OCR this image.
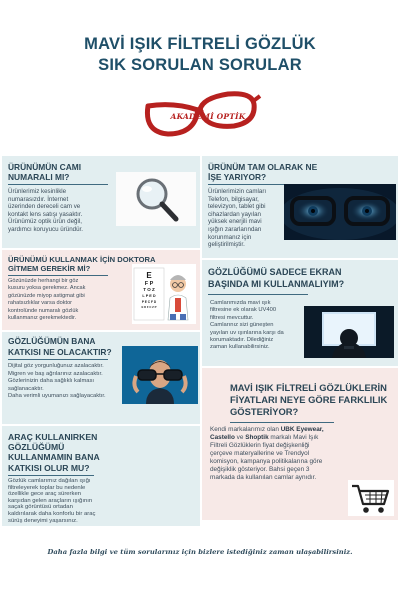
MAVİ IŞIK FİLTRELİ GÖZLÜK
SIK SORULAN SORULAR
AKADEMİ OPTİK
ÜRÜNÜMÜN CAMI
NUMARALI MI?
Ürünlerimiz kesinlikle
numarasızdır. İnternet
üzerinden dereceli cam ve
kontakt lens satışı yasaktır.
Ürünümüz optik ürün değil,
yardımcı koruyucu üründür.
ÜRÜNÜM TAM OLARAK NE
İŞE YARIYOR?
Ürünlerimizin camları
Telefon, bilgisayar,
televizyon, tablet gibi
cihazlardan yayılan
yüksek enerjili mavi
ışığın zararlarından
korunmanız için
geliştirilmiştir.
ÜRÜNÜMÜ KULLANMAK İÇİN DOKTORA
GİTMEM GEREKİR Mİ?
Gözünüzde herhangi bir göz
kusuru yoksa gerekmez. Ancak
gözünüzde miyop astigmat gibi
rahatsızlıklar varsa doktor
kontrolünde numaralı gözlük
kullanmanız gerekmektedir.
E
F P
T O Z
L P E D
P E C F D
E D F C Z P
GÖZLÜĞÜMÜ SADECE EKRAN
BAŞINDA MI KULLANMALIYIM?
Camlarımızda mavi ışık
filtresine ek olarak UV400
filtresi mevcuttur.
Camlarınız sizi güneşten
yayılan uv ışınlarına karşı da
korumaktadır. Dilediğiniz
zaman kullanabilirsiniz.
GÖZLÜĞÜMÜN BANA
KATKISI NE OLACAKTIR?
Dijital göz yorgunluğunuz azalacaktır.
Migren ve baş ağrılarınız azalacaktır.
Gözlerinizin daha sağlıklı kalması
sağlanacaktır.
Daha verimli uyumanızı sağlayacaktır.
MAVİ IŞIK FİLTRELİ GÖZLÜKLERİN
FİYATLARI NEYE GÖRE FARKLILIK
GÖSTERİYOR?
Kendi markalarımız olan UBK Eyewear,
Castello ve Shoptik markalı Mavi Işık
Filtreli Gözlüklerin fiyat değişkenliği
çerçeve materyallerine ve Trendyol
komisyon, kampanya politikalarına göre
değişiklik gösteriyor. Bahsi geçen 3
markada da kullanılan camlar aynıdır.
ARAÇ KULLANIRKEN
GÖZLÜĞÜMÜ
KULLANMAMIN BANA
KATKISI OLUR MU?
Gözlük camlarımız dağılan ışığı
filtreleyerek toplar bu nedenle
özellikle gece araç sürerken
karşıdan gelen araçların ışığının
saçak görüntüsü ortadan
kaldırılarak daha konforlu bir araç
sürüş deneyimi yaşarsınız.
Daha fazla bilgi ve tüm sorularınız için bizlere istediğiniz zaman ulaşabilirsiniz.
